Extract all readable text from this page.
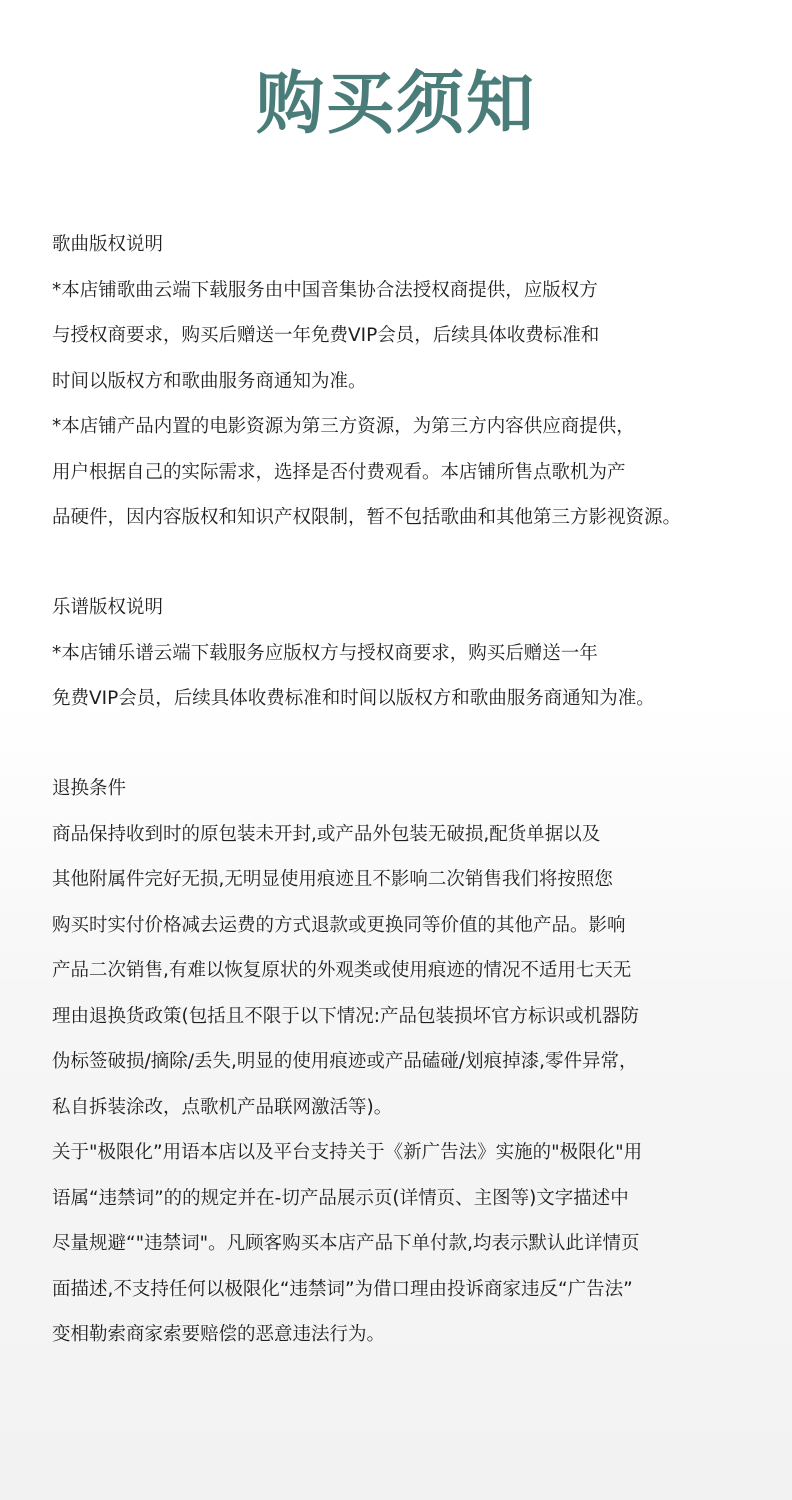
购买须知
歌曲版权说明
*本店铺歌曲云端下载服务由中国音集协合法授权商提供，应版权方
与授权商要求，购买后赠送一年免费VIP会员，后续具体收费标准和
时间以版权方和歌曲服务商通知为准。
*本店铺产品内置的电影资源为第三方资源，为第三方内容供应商提供，
用户根据自己的实际需求，选择是否付费观看。本店铺所售点歌机为产
品硬件，因内容版权和知识产权限制，暂不包括歌曲和其他第三方影视资源。
乐谱版权说明
*本店铺乐谱云端下载服务应版权方与授权商要求，购买后赠送一年
免费VIP会员，后续具体收费标准和时间以版权方和歌曲服务商通知为准。
退换条件
商品保持收到时的原包装未开封,或产品外包装无破损,配货单据以及
其他附属件完好无损,无明显使用痕迹且不影响二次销售我们将按照您
购买时实付价格减去运费的方式退款或更换同等价值的其他产品。影响
产品二次销售,有难以恢复原状的外观类或使用痕迹的情况不适用七天无
理由退换货政策(包括且不限于以下情况:产品包装损坏官方标识或机器防
伪标签破损/摘除/丢失,明显的使用痕迹或产品磕碰/划痕掉漆,零件异常，
私自拆装涂改，点歌机产品联网激活等)。
关于"极限化”用语本店以及平台支持关于《新广告法》实施的"极限化"用
语属“违禁词”的的规定并在-切产品展示页(详情页、主图等)文字描述中
尽量规避“"违禁词"。凡顾客购买本店产品下单付款,均表示默认此详情页
面描述,不支持任何以极限化“违禁词”为借口理由投诉商家违反“广告法”
变相勒索商家索要赔偿的恶意违法行为。
